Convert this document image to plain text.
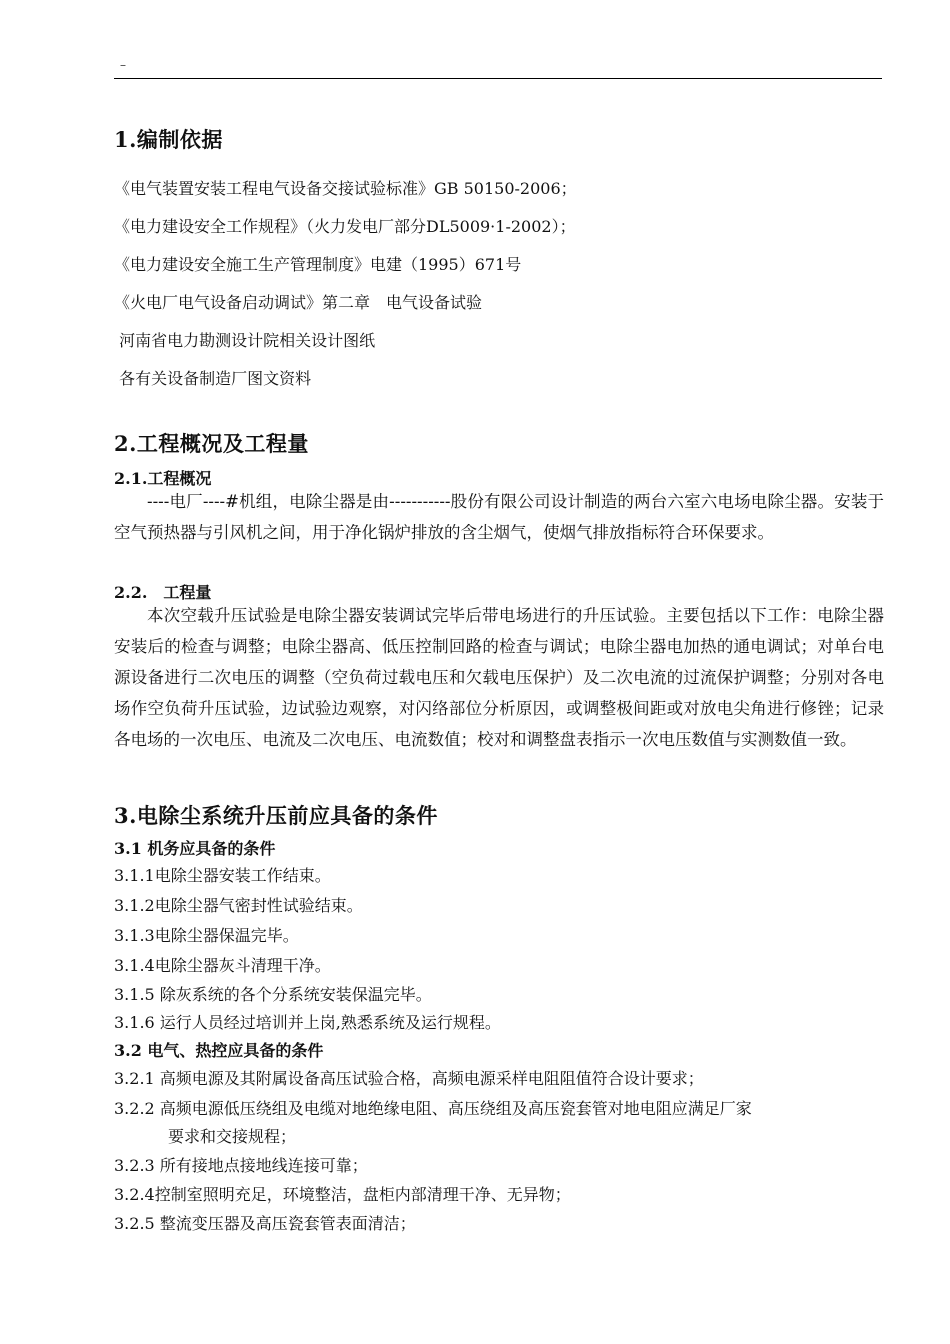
–
1.编制依据
《电气装置安装工程电气设备交接试验标准》GB 50150-2006；
《电力建设安全工作规程》（火力发电厂部分DL5009·1-2002）；
《电力建设安全施工生产管理制度》电建（1995）671号
《火电厂电气设备启动调试》第二章　电气设备试验
河南省电力勘测设计院相关设计图纸
各有关设备制造厂图文资料
2.工程概况及工程量
2.1.工程概况

----电厂----#机组，电除尘器是由-----------股份有限公司设计制造的两台六室六电场电除尘器。安装于空气预热器与引风机之间，用于净化锅炉排放的含尘烟气，使烟气排放指标符合环保要求。

2.2.　工程量

本次空载升压试验是电除尘器安装调试完毕后带电场进行的升压试验。主要包括以下工作：电除尘器安装后的检查与调整；电除尘器高、低压控制回路的检查与调试；电除尘器电加热的通电调试；对单台电源设备进行二次电压的调整（空负荷过载电压和欠载电压保护）及二次电流的过流保护调整；分别对各电场作空负荷升压试验，边试验边观察，对闪络部位分析原因，或调整极间距或对放电尖角进行修锉；记录各电场的一次电压、电流及二次电压、电流数值；校对和调整盘表指示一次电压数值与实测数值一致。

3.电除尘系统升压前应具备的条件
3.1 机务应具备的条件
3.1.1电除尘器安装工作结束。
3.1.2电除尘器气密封性试验结束。
3.1.3电除尘器保温完毕。
3.1.4电除尘器灰斗清理干净。
3.1.5 除灰系统的各个分系统安装保温完毕。
3.1.6 运行人员经过培训并上岗,熟悉系统及运行规程。
3.2 电气、热控应具备的条件
3.2.1 高频电源及其附属设备高压试验合格，高频电源采样电阻阻值符合设计要求；
3.2.2 高频电源低压绕组及电缆对地绝缘电阻、高压绕组及高压瓷套管对地电阻应满足厂家
要求和交接规程；
3.2.3 所有接地点接地线连接可靠；
3.2.4控制室照明充足，环境整洁，盘柜内部清理干净、无异物；
3.2.5 整流变压器及高压瓷套管表面清洁；
